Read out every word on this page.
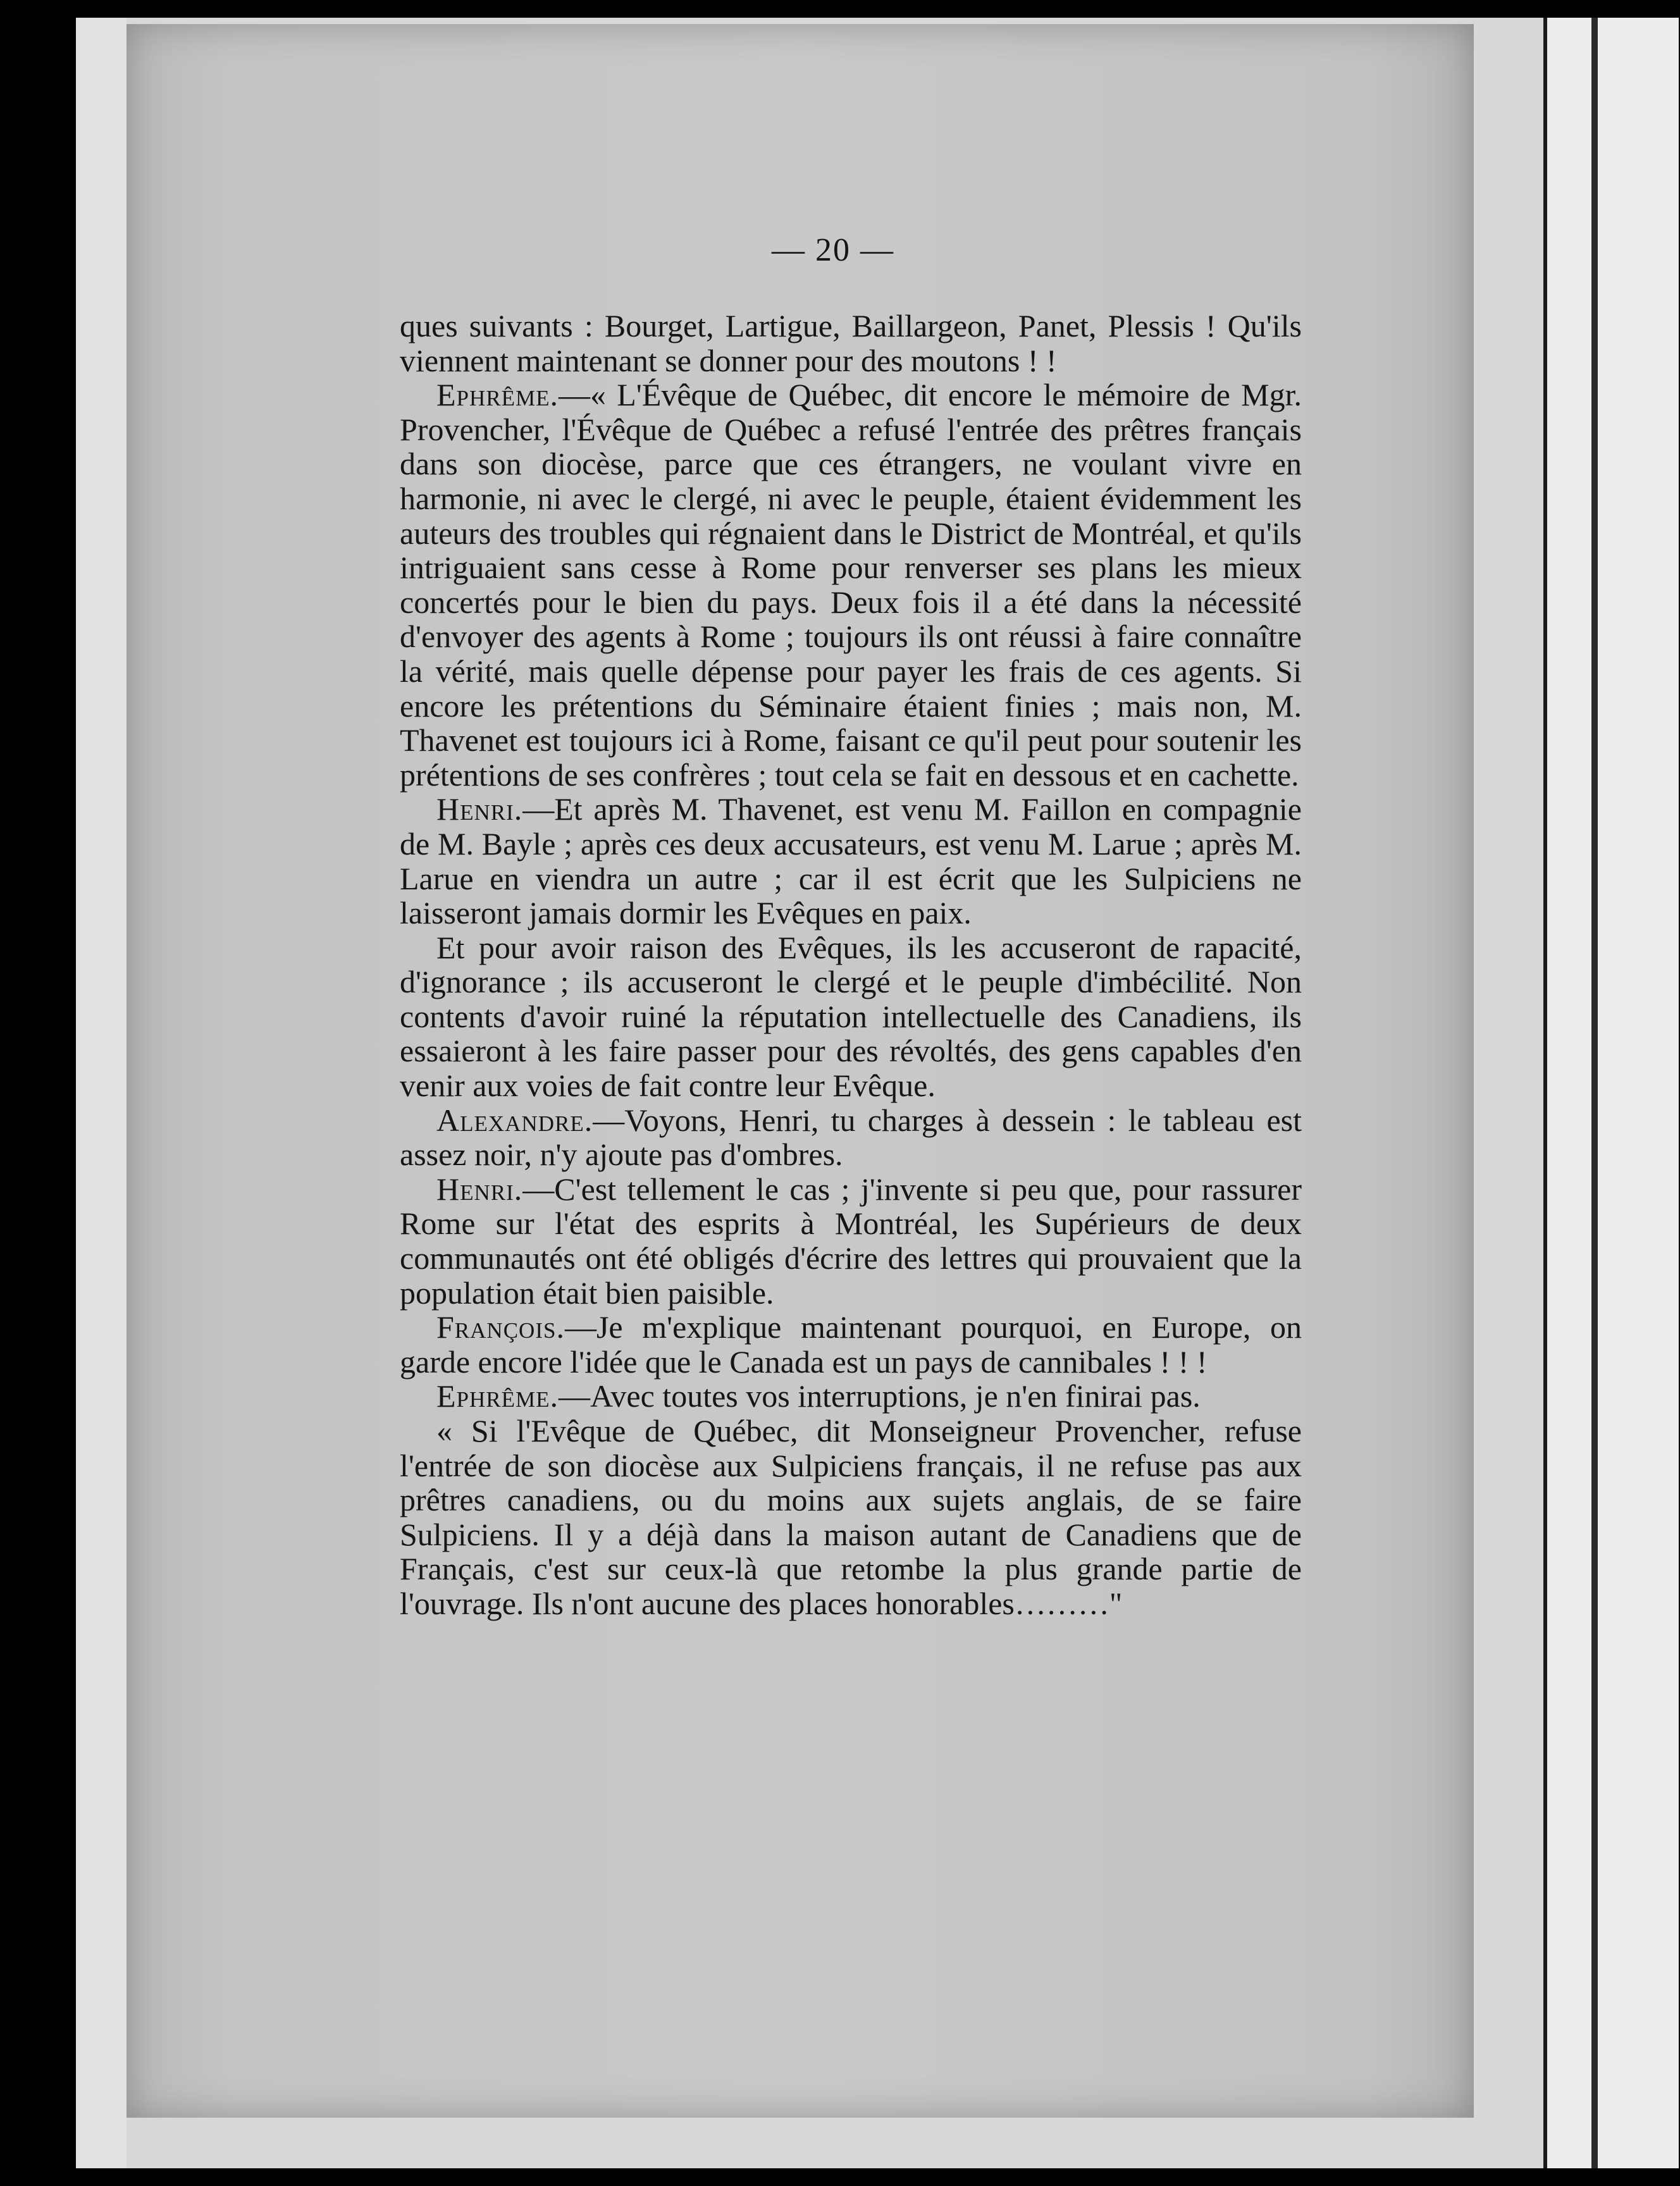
— 20 —

ques suivants : Bourget, Lartigue, Baillargeon, Panet, Plessis ! Qu'ils viennent maintenant se donner pour des moutons ! !

Ephrême.—« L'Évêque de Québec, dit encore le mémoire de Mgr. Provencher, l'Évêque de Québec a refusé l'entrée des prêtres français dans son diocèse, parce que ces étrangers, ne voulant vivre en harmonie, ni avec le clergé, ni avec le peuple, étaient évidemment les auteurs des troubles qui régnaient dans le District de Montréal, et qu'ils intriguaient sans cesse à Rome pour renverser ses plans les mieux concertés pour le bien du pays. Deux fois il a été dans la nécessité d'envoyer des agents à Rome ; toujours ils ont réussi à faire connaître la vérité, mais quelle dépense pour payer les frais de ces agents. Si encore les prétentions du Séminaire étaient finies ; mais non, M. Thavenet est toujours ici à Rome, faisant ce qu'il peut pour soutenir les prétentions de ses confrères ; tout cela se fait en dessous et en cachette.

Henri.—Et après M. Thavenet, est venu M. Faillon en compagnie de M. Bayle ; après ces deux accusateurs, est venu M. Larue ; après M. Larue en viendra un autre ; car il est écrit que les Sulpiciens ne laisseront jamais dormir les Evêques en paix.

Et pour avoir raison des Evêques, ils les accuseront de rapacité, d'ignorance ; ils accuseront le clergé et le peuple d'imbécilité. Non contents d'avoir ruiné la réputation intellectuelle des Canadiens, ils essaieront à les faire passer pour des révoltés, des gens capables d'en venir aux voies de fait contre leur Evêque.

Alexandre.—Voyons, Henri, tu charges à dessein : le tableau est assez noir, n'y ajoute pas d'ombres.

Henri.—C'est tellement le cas ; j'invente si peu que, pour rassurer Rome sur l'état des esprits à Montréal, les Supérieurs de deux communautés ont été obligés d'écrire des lettres qui prouvaient que la population était bien paisible.

François.—Je m'explique maintenant pourquoi, en Europe, on garde encore l'idée que le Canada est un pays de cannibales ! ! !

Ephrême.—Avec toutes vos interruptions, je n'en finirai pas.

« Si l'Evêque de Québec, dit Monseigneur Provencher, refuse l'entrée de son diocèse aux Sulpiciens français, il ne refuse pas aux prêtres canadiens, ou du moins aux sujets anglais, de se faire Sulpiciens. Il y a déjà dans la maison autant de Canadiens que de Français, c'est sur ceux-là que retombe la plus grande partie de l'ouvrage. Ils n'ont aucune des places honorables………"
